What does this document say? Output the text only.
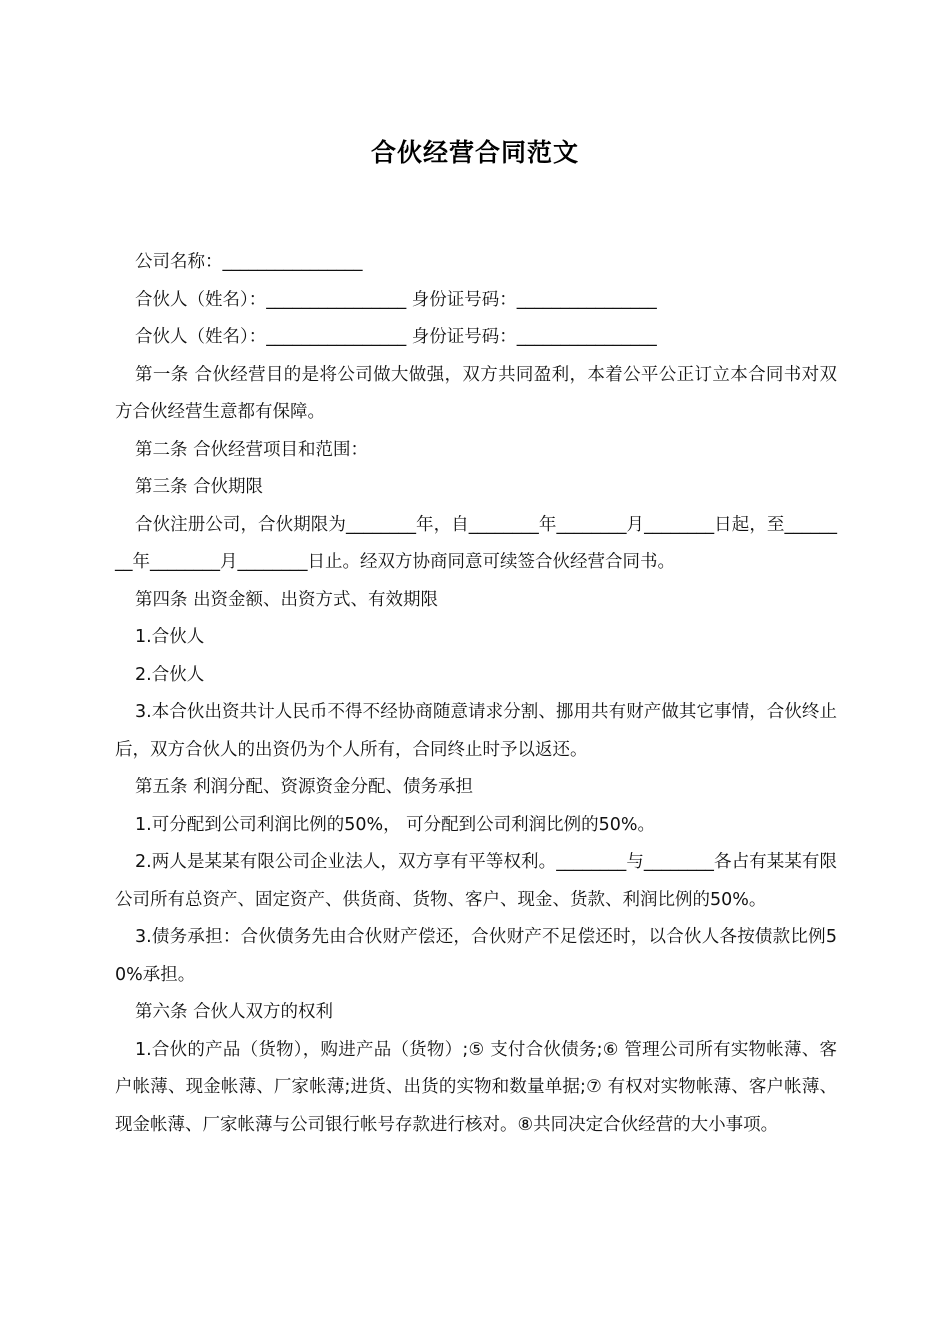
合伙经营合同范文

公司名称：________________

合伙人（姓名）：________________ 身份证号码：________________

合伙人（姓名）：________________ 身份证号码：________________

第一条 合伙经营目的是将公司做大做强，双方共同盈利，本着公平公正订立本合同书对双方合伙经营生意都有保障。

第二条 合伙经营项目和范围：

第三条 合伙期限

合伙注册公司，合伙期限为________年，自________年________月________日起，至________年________月________日止。经双方协商同意可续签合伙经营合同书。

第四条 出资金额、出资方式、有效期限

1.合伙人

2.合伙人

3.本合伙出资共计人民币不得不经协商随意请求分割、挪用共有财产做其它事情，合伙终止后，双方合伙人的出资仍为个人所有，合同终止时予以返还。

第五条 利润分配、资源资金分配、债务承担

1.可分配到公司利润比例的50%， 可分配到公司利润比例的50%。

2.两人是某某有限公司企业法人，双方享有平等权利。________与________各占有某某有限公司所有总资产、固定资产、供货商、货物、客户、现金、货款、利润比例的50%。

3.债务承担：合伙债务先由合伙财产偿还，合伙财产不足偿还时，以合伙人各按债款比例50%承担。

第六条 合伙人双方的权利

1.合伙的产品（货物），购进产品（货物）;⑤ 支付合伙债务;⑥ 管理公司所有实物帐薄、客户帐薄、现金帐薄、厂家帐薄;进货、出货的实物和数量单据;⑦ 有权对实物帐薄、客户帐薄、现金帐薄、厂家帐薄与公司银行帐号存款进行核对。⑧共同决定合伙经营的大小事项。
